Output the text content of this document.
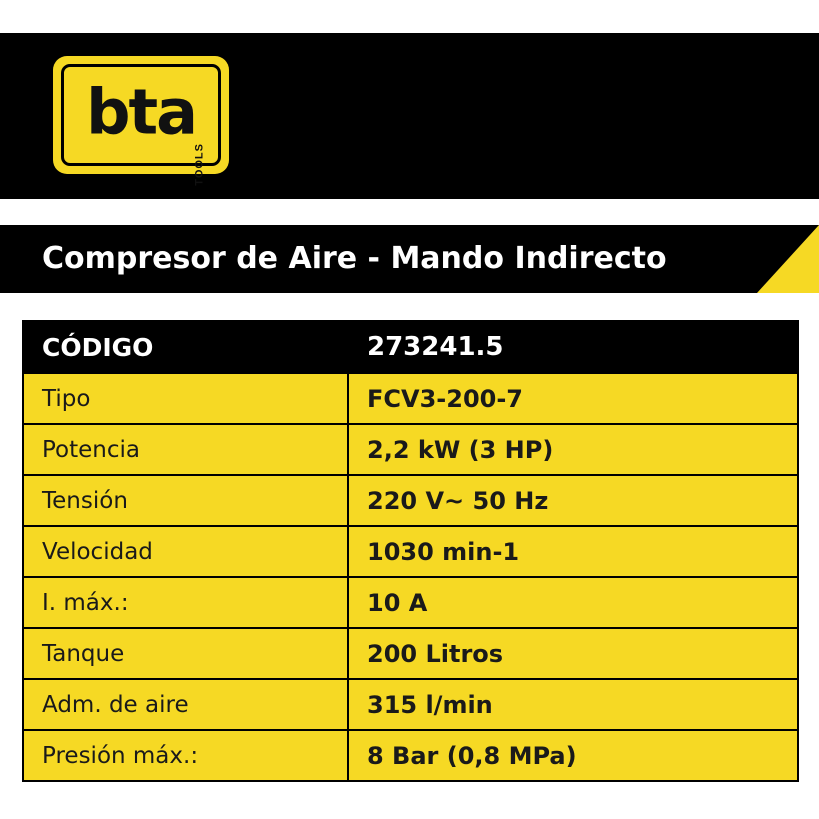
bta
TOOLS
Compresor de Aire - Mando Indirecto
CÓDIGO	273241.5
Tipo	FCV3-200-7
Potencia	2,2 kW (3 HP)
Tensión	220 V~ 50 Hz
Velocidad	1030 min-1
I. máx.:	10 A
Tanque	200 Litros
Adm. de aire	315 l/min
Presión máx.:	8 Bar (0,8 MPa)
